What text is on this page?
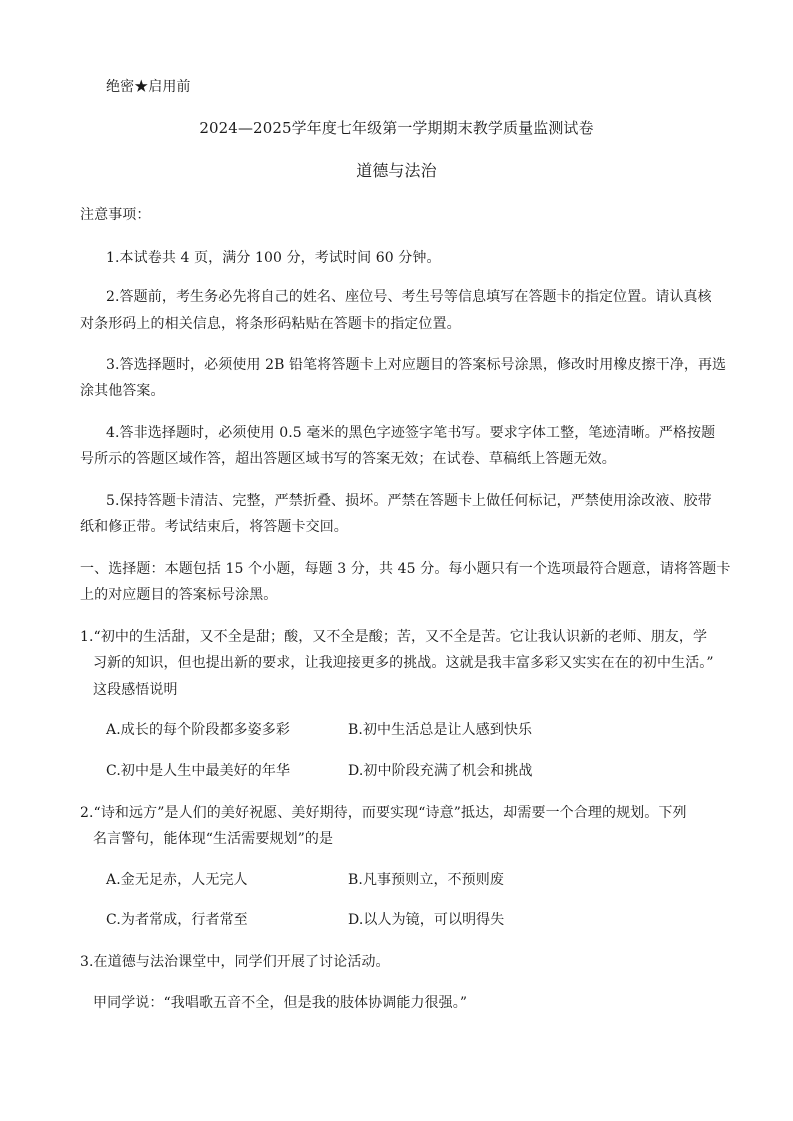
绝密★启用前
2024—2025学年度七年级第一学期期末教学质量监测试卷
道德与法治
注意事项：
1.本试卷共 4 页，满分 100 分，考试时间 60 分钟。
2.答题前，考生务必先将自己的姓名、座位号、考生号等信息填写在答题卡的指定位置。请认真核
对条形码上的相关信息，将条形码粘贴在答题卡的指定位置。
3.答选择题时，必须使用 2B 铅笔将答题卡上对应题目的答案标号涂黑，修改时用橡皮擦干净，再选
涂其他答案。
4.答非选择题时，必须使用 0.5 毫米的黑色字迹签字笔书写。要求字体工整，笔迹清晰。严格按题
号所示的答题区域作答，超出答题区域书写的答案无效；在试卷、草稿纸上答题无效。
5.保持答题卡清洁、完整，严禁折叠、损坏。严禁在答题卡上做任何标记，严禁使用涂改液、胶带
纸和修正带。考试结束后，将答题卡交回。
一、选择题：本题包括 15 个小题，每题 3 分，共 45 分。每小题只有一个选项最符合题意，请将答题卡
上的对应题目的答案标号涂黑。
1.“初中的生活甜，又不全是甜；酸，又不全是酸；苦，又不全是苦。它让我认识新的老师、朋友，学
习新的知识，但也提出新的要求，让我迎接更多的挑战。这就是我丰富多彩又实实在在的初中生活。”
这段感悟说明
A.成长的每个阶段都多姿多彩	B.初中生活总是让人感到快乐
C.初中是人生中最美好的年华	D.初中阶段充满了机会和挑战
2.“诗和远方”是人们的美好祝愿、美好期待，而要实现“诗意”抵达，却需要一个合理的规划。下列
名言警句，能体现“生活需要规划”的是
A.金无足赤，人无完人	B.凡事预则立，不预则废
C.为者常成，行者常至	D.以人为镜，可以明得失
3.在道德与法治课堂中，同学们开展了讨论活动。
甲同学说：“我唱歌五音不全，但是我的肢体协调能力很强。”
